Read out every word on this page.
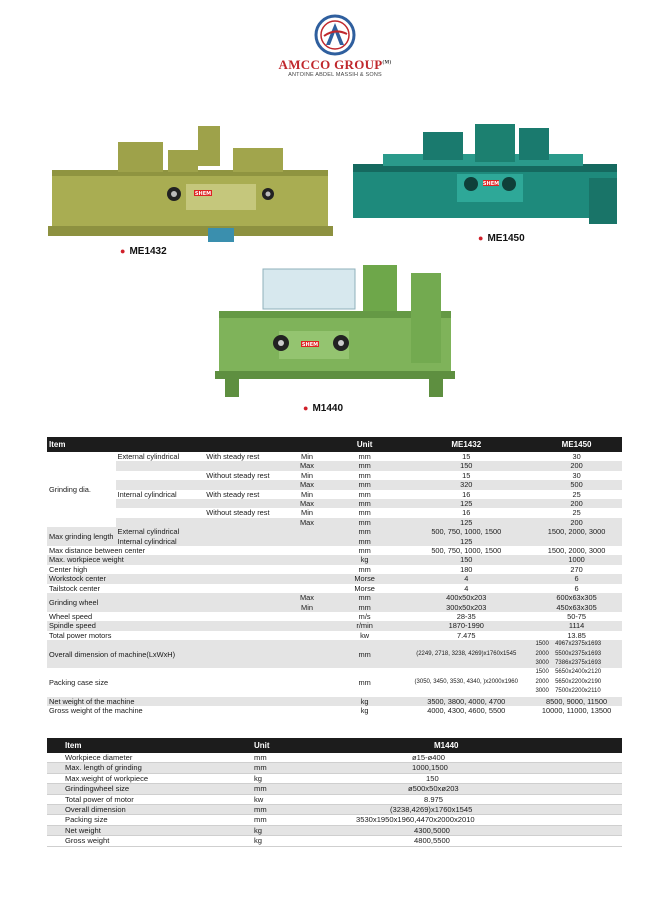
AMCCO $GROUP^{(M)}$
ANTOINE ABDEL MASSIH & SONS
SHEM
● ME1432
SHEM
● ME1450
SHEM
● M1440
Item				Unit	ME1432	ME1450	
Grinding dia.	External cylindrical	With steady rest	Min	mm	15	30	
			Max	mm	150	200	
		Without steady rest	Min	mm	15	30	
			Max	mm	320	500	
	Internal cylindrical	With steady rest	Min	mm	16	25	
			Max	mm	125	200	
		Without steady rest	Min	mm	16	25	
			Max	mm	125	200	
Max grinding length	External cylindrical			mm	500, 750, 1000, 1500	1500, 2000, 3000	
	Internal cylindrical			mm	125		
Max distance between center				mm	500, 750, 1000, 1500	1500, 2000, 3000	
Max. workpiece weight				kg	150	1000	
Center high				mm	180	270	
Workstock center				Morse	4	6	
Tailstock center				Morse	4	6	
Grinding wheel			Max	mm	400x50x203	600x63x305	
			Min	mm	300x50x203	450x63x305	
Wheel speed				m/s	28-35	50-75	
Spindle speed				r/min	1870-1990	1114	
Total power motors				kw	7.475	13.85	
Overall dimension of machine(LxWxH)				mm	(2249, 2718, 3238, 4269)x1760x1545	1500	4967x2375x1693
						2000	5500x2375x1693
						3000	7386x2375x1693
Packing case size				mm	(3050, 3450, 3530, 4340, )x2000x1960	1500	5650x2400x2120
						2000	5650x2200x2190
						3000	7500x2200x2110
Net weight of the machine				kg	3500, 3800, 4000, 4700	8500, 9000, 11500	
Gross weight of the machine				kg	4000, 4300, 4600, 5500	10000, 11000, 13500	
Item	Unit	M1440
Workpiece diameter	mm	ø15-ø400
Max. length of grinding	mm	1000,1500
Max.weight of workpiece	kg	150
Grindingwheel size	mm	ø500x50xø203
Total power of motor	kw	8.975
Overall dimension	mm	(3238,4269)x1760x1545
Packing size	mm	3530x1950x1960,4470x2000x2010
Net weight	kg	4300,5000
Gross weight	kg	4800,5500
